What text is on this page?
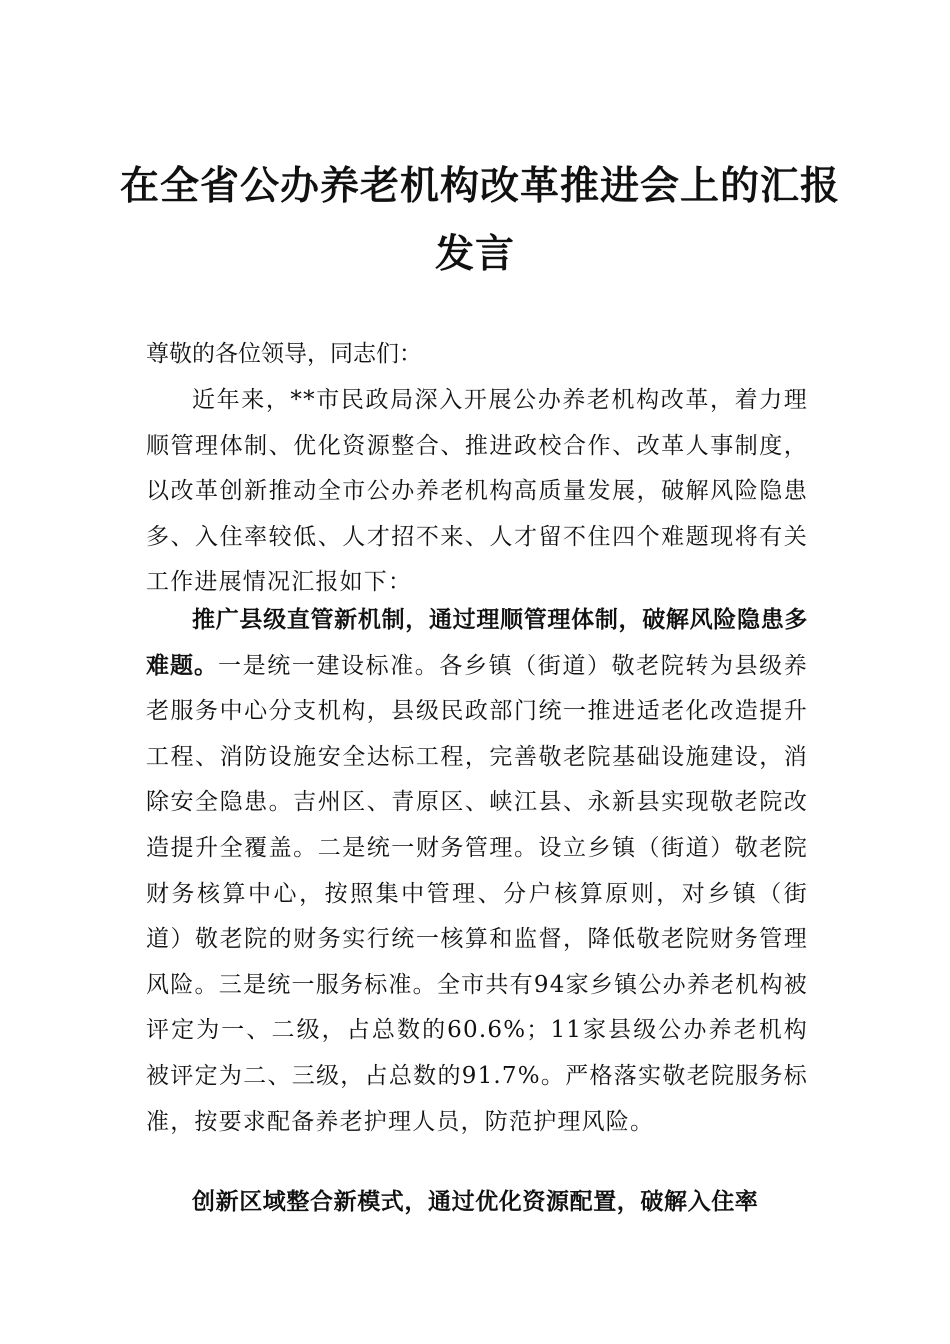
在全省公办养老机构改革推进会上的汇报
发言

尊敬的各位领导，同志们：

近年来，**市民政局深入开展公办养老机构改革，着力理顺管理体制、优化资源整合、推进政校合作、改革人事制度，以改革创新推动全市公办养老机构高质量发展，破解风险隐患多、入住率较低、人才招不来、人才留不住四个难题现将有关工作进展情况汇报如下：

推广县级直管新机制，通过理顺管理体制，破解风险隐患多难题。一是统一建设标准。各乡镇（街道）敬老院转为县级养老服务中心分支机构，县级民政部门统一推进适老化改造提升工程、消防设施安全达标工程，完善敬老院基础设施建设，消除安全隐患。吉州区、青原区、峡江县、永新县实现敬老院改造提升全覆盖。二是统一财务管理。设立乡镇（街道）敬老院财务核算中心，按照集中管理、分户核算原则，对乡镇（街道）敬老院的财务实行统一核算和监督，降低敬老院财务管理风险。三是统一服务标准。全市共有94家乡镇公办养老机构被评定为一、二级，占总数的60.6%；11家县级公办养老机构被评定为二、三级，占总数的91.7%。严格落实敬老院服务标准，按要求配备养老护理人员，防范护理风险。

创新区域整合新模式，通过优化资源配置，破解入住率
